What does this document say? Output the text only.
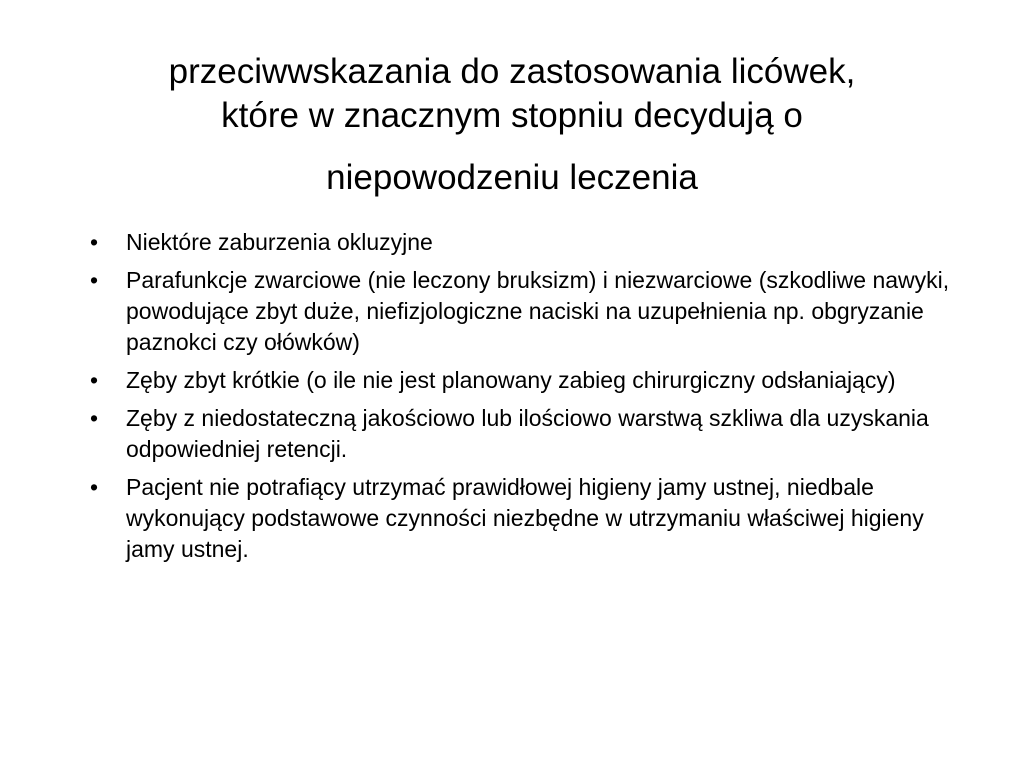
przeciwwskazania do zastosowania licówek,
które w znacznym stopniu decydują o
niepowodzeniu leczenia
•	Niektóre zaburzenia okluzyjne
•	Parafunkcje zwarciowe (nie leczony bruksizm) i niezwarciowe (szkodliwe nawyki, powodujące zbyt duże, niefizjologiczne naciski na uzupełnienia np. obgryzanie paznokci czy ołówków)
•	Zęby zbyt krótkie (o ile nie jest planowany zabieg chirurgiczny odsłaniający)
•	Zęby z niedostateczną jakościowo lub ilościowo warstwą szkliwa dla uzyskania odpowiedniej retencji.
•	Pacjent nie potrafiący utrzymać prawidłowej higieny jamy ustnej, niedbale wykonujący podstawowe czynności niezbędne w utrzymaniu właściwej higieny jamy ustnej.
